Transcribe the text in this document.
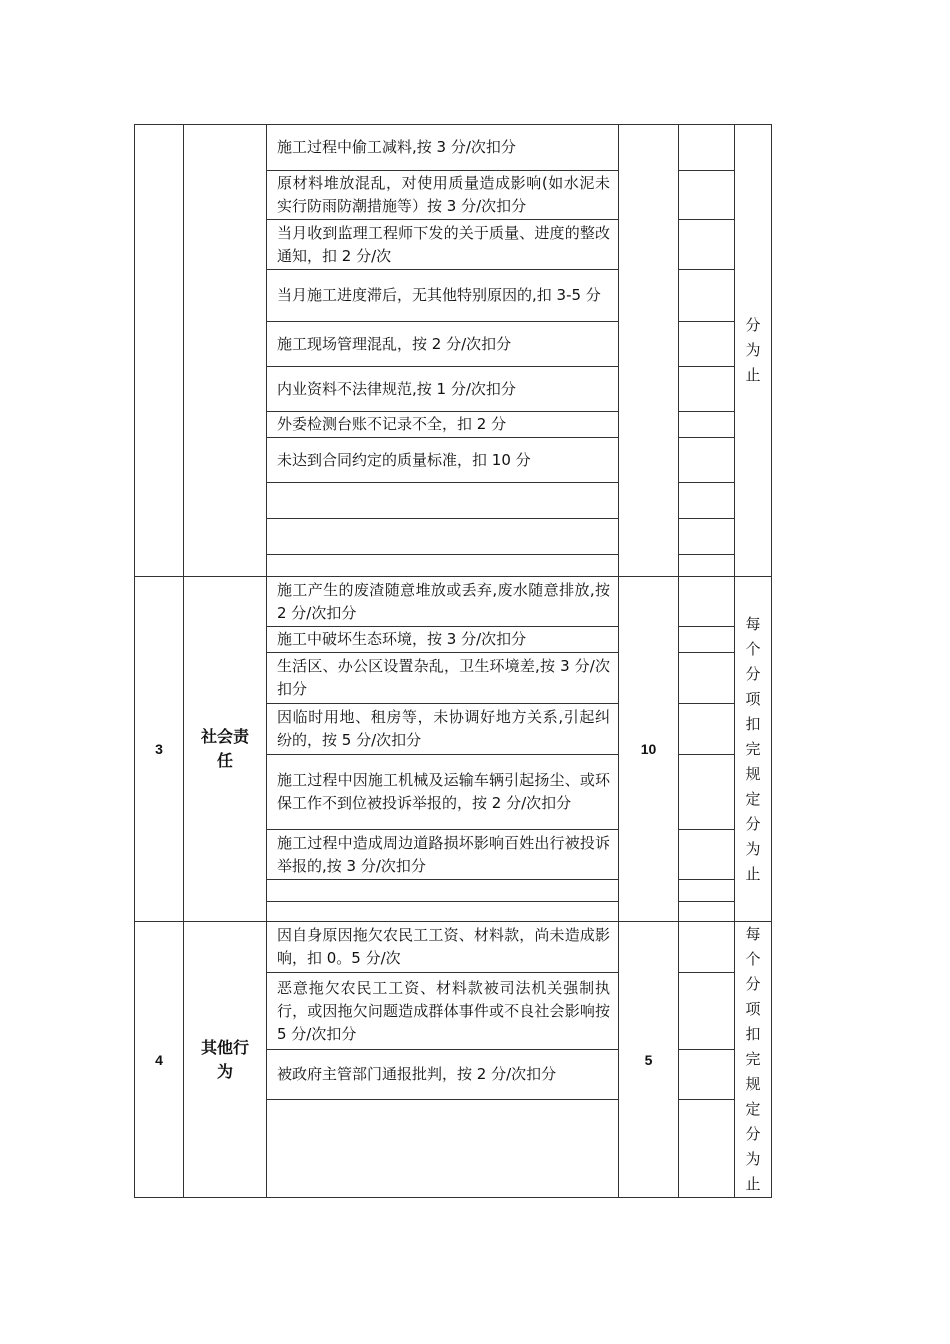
施工过程中偷工减料,按 3 分/次扣分
原材料堆放混乱，对使用质量造成影响(如水泥未实行防雨防潮措施等）按 3 分/次扣分
当月收到监理工程师下发的关于质量、进度的整改通知，扣 2 分/次
当月施工进度滞后，无其他特别原因的,扣 3-5 分
施工现场管理混乱，按 2 分/次扣分
内业资料不法律规范,按 1 分/次扣分
外委检测台账不记录不全，扣 2 分
未达到合同约定的质量标准，扣 10 分
分为止
3
社会责任
施工产生的废渣随意堆放或丢弃,废水随意排放,按 2 分/次扣分
施工中破坏生态环境，按 3 分/次扣分
生活区、办公区设置杂乱，卫生环境差,按 3 分/次扣分
因临时用地、租房等，未协调好地方关系,引起纠纷的，按 5 分/次扣分
施工过程中因施工机械及运输车辆引起扬尘、或环保工作不到位被投诉举报的，按 2 分/次扣分
施工过程中造成周边道路损坏影响百姓出行被投诉举报的,按 3 分/次扣分
10
每个分项扣完规定分为止
4
其他行为
因自身原因拖欠农民工工资、材料款，尚未造成影响，扣 0。5 分/次
恶意拖欠农民工工资、材料款被司法机关强制执行，或因拖欠问题造成群体事件或不良社会影响按 5 分/次扣分
被政府主管部门通报批判，按 2 分/次扣分
5
每个分项扣完规定分为止
